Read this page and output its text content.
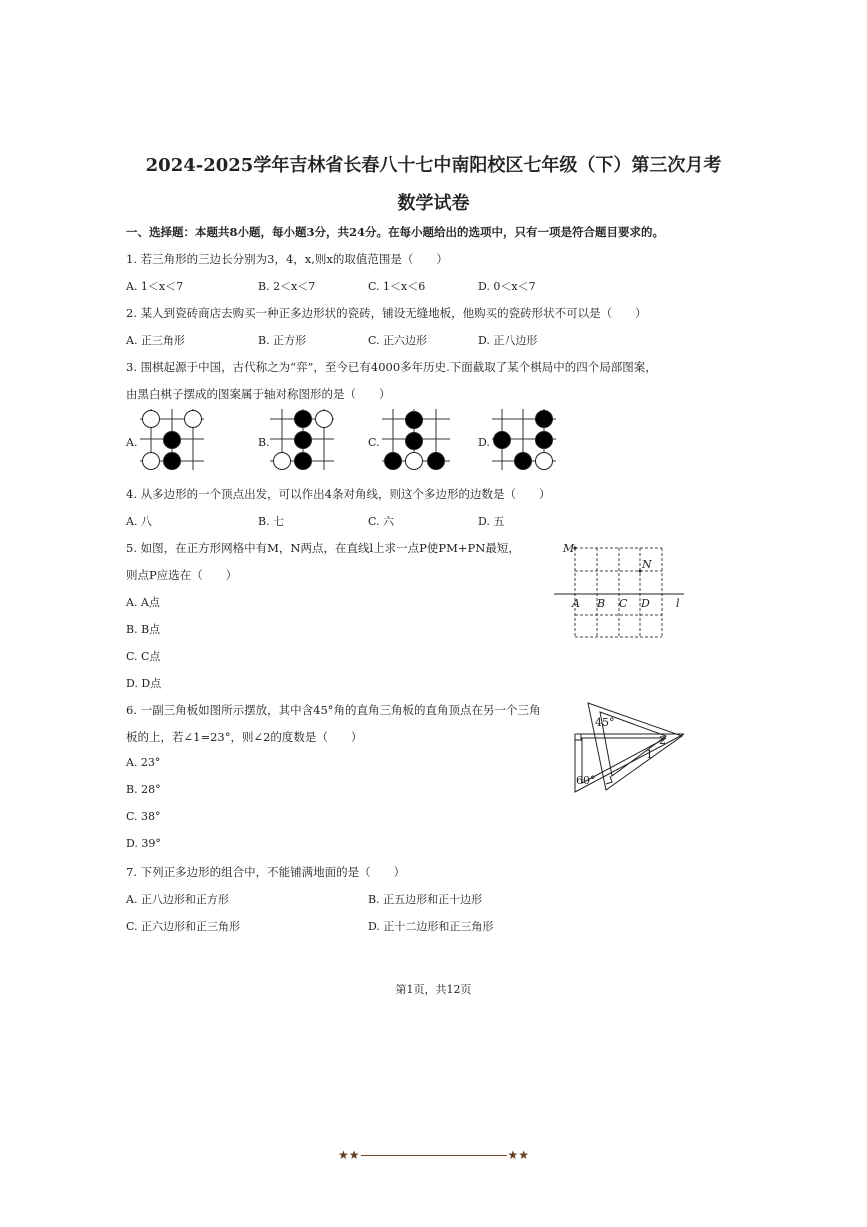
2024-2025学年吉林省长春八十七中南阳校区七年级（下）第三次月考
数学试卷
一、选择题：本题共8小题，每小题3分，共24分。在每小题给出的选项中，只有一项是符合题目要求的。
1. 若三角形的三边长分别为3，4，x,则x的取值范围是（　　）
A. 1＜x＜7	B. 2＜x＜7	C. 1＜x＜6	D. 0＜x＜7
2. 某人到瓷砖商店去购买一种正多边形状的瓷砖，铺设无缝地板，他购买的瓷砖形状不可以是（　　）
A. 正三角形	B. 正方形	C. 正六边形	D. 正八边形
3. 围棋起源于中国，古代称之为“弈”，至今已有4000多年历史.下面截取了某个棋局中的四个局部图案，
由黑白棋子摆成的图案属于轴对称图形的是（　　）
A.	B.	C.	D.
4. 从多边形的一个顶点出发，可以作出4条对角线，则这个多边形的边数是（　　）
A. 八	B. 七	C. 六	D. 五
5. 如图，在正方形网格中有M，N两点，在直线l上求一点P使PM+PN最短，
则点P应选在（　　）
A. A点
B. B点
C. C点
D. D点
M
N
A B C D l
6. 一副三角板如图所示摆放，其中含45°角的直角三角板的直角顶点在另一个三角
板的上，若∠1=23°，则∠2的度数是（　　）
A. 23°
B. 28°
C. 38°
D. 39°
45°
60°
2
1
7. 下列正多边形的组合中，不能铺满地面的是（　　）
A. 正八边形和正方形	B. 正五边形和正十边形
C. 正六边形和正三角形	D. 正十二边形和正三角形
第1页，共12页
★★	★★
